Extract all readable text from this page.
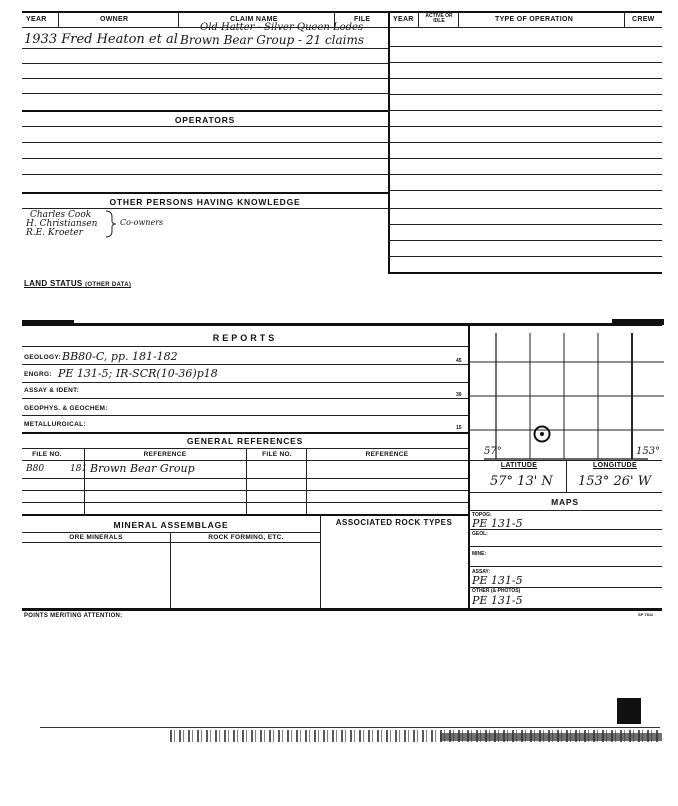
YEAR	OWNER	CLAIM NAME	FILE	YEAR	ACTIVE OR IDLE	TYPE OF OPERATION	CREW
1933 Fred Heaton et al
Old Hatter - Silver Queen Lodes
Brown Bear Group - 21 claims
OPERATORS
OTHER PERSONS HAVING KNOWLEDGE
Charles Cook
H. Christiansen
R.E. Kroeter
Co-owners
LAND STATUS (OTHER DATA)
REPORTS
GEOLOGY: BB80-C, pp. 181-182	45
ENGRG: PE 131-5; IR-SCR(10-36)p18
ASSAY & IDENT:
30
GEOPHYS. & GEOCHEM:
METALLURGICAL:	15
GENERAL REFERENCES
FILE NO.	REFERENCE	FILE NO.	REFERENCE
B80	181 Brown Bear Group
MINERAL ASSEMBLAGE	ASSOCIATED ROCK TYPES
ORE MINERALS	ROCK FORMING, ETC.
POINTS MERITING ATTENTION:	SP 7512
57°	153°
LATITUDE	LONGITUDE
57° 13' N 153° 26' W
MAPS
TOPOG:
PE 131-5
GEOL:
MINE:
ASSAY:
PE 131-5
OTHER (& PHOTOS)
PE 131-5
